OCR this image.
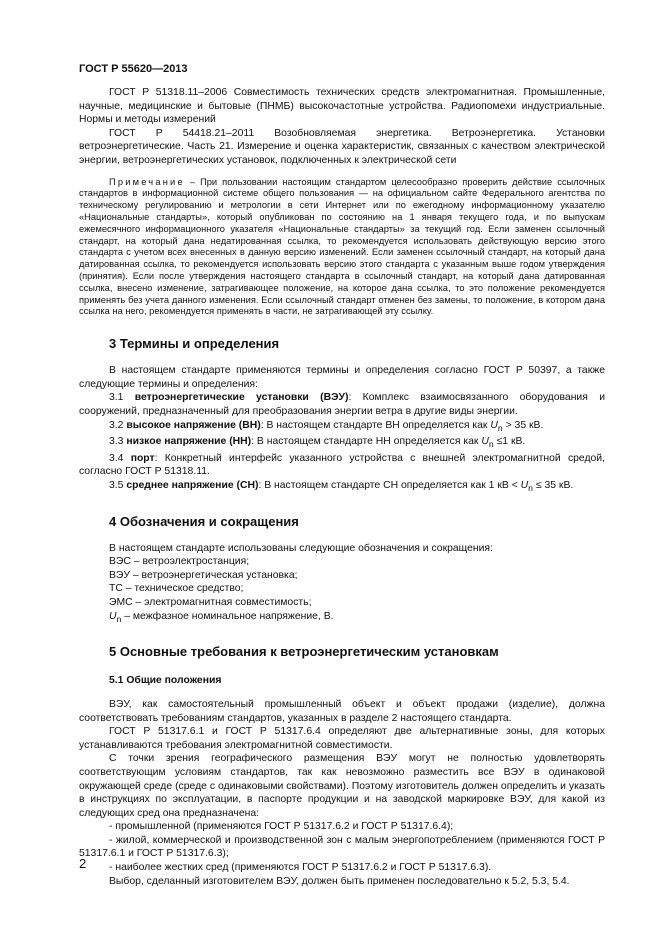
ГОСТ Р 55620—2013

ГОСТ Р 51318.11–2006 Совместимость технических средств электромагнитная. Промышленные, научные, медицинские и бытовые (ПНМБ) высокочастотные устройства. Радиопомехи индустриальные. Нормы и методы измерений

ГОСТ Р 54418.21–2011 Возобновляемая энергетика. Ветроэнергетика. Установки ветроэнергетические. Часть 21. Измерение и оценка характеристик, связанных с качеством электрической энергии, ветроэнергетических установок, подключенных к электрической сети

Примечание – При пользовании настоящим стандартом целесообразно проверить действие ссылочных стандартов в информационной системе общего пользования — на официальном сайте Федерального агентства по техническому регулированию и метрологии в сети Интернет или по ежегодному информационному указателю «Национальные стандарты», который опубликован по состоянию на 1 января текущего года, и по выпускам ежемесячного информационного указателя «Национальные стандарты» за текущий год. Если заменен ссылочный стандарт, на который дана недатированная ссылка, то рекомендуется использовать действующую версию этого стандарта с учетом всех внесенных в данную версию изменений. Если заменен ссылочный стандарт, на который дана датированная ссылка, то рекомендуется использовать версию этого стандарта с указанным выше годом утверждения (принятия). Если после утверждения настоящего стандарта в ссылочный стандарт, на который дана датированная ссылка, внесено изменение, затрагивающее положение, на которое дана ссылка, то это положение рекомендуется применять без учета данного изменения. Если ссылочный стандарт отменен без замены, то положение, в котором дана ссылка на него, рекомендуется применять в части, не затрагивающей эту ссылку.

3 Термины и определения

В настоящем стандарте применяются термины и определения согласно ГОСТ Р 50397, а также следующие термины и определения:

3.1 ветроэнергетические установки (ВЭУ): Комплекс взаимосвязанного оборудования и сооружений, предназначенный для преобразования энергии ветра в другие виды энергии.

3.2 высокое напряжение (ВН): В настоящем стандарте ВН определяется как $U_n > 35$ кВ.

3.3 низкое напряжение (НН): В настоящем стандарте НН определяется как $U_n \le 1$ кВ.

3.4 порт: Конкретный интерфейс указанного устройства с внешней электромагнитной средой, согласно ГОСТ Р 51318.11.

3.5 среднее напряжение (СН): В настоящем стандарте СН определяется как 1 кВ < $U_n \le 35$ кВ.

4 Обозначения и сокращения

В настоящем стандарте использованы следующие обозначения и сокращения:

ВЭС – ветроэлектростанция;

ВЭУ – ветроэнергетическая установка;

ТС – техническое средство;

ЭМС – электромагнитная совместимость;

$U_n$ – межфазное номинальное напряжение, В.

5 Основные требования к ветроэнергетическим установкам
5.1 Общие положения

ВЭУ, как самостоятельный промышленный объект и объект продажи (изделие), должна соответствовать требованиям стандартов, указанных в разделе 2 настоящего стандарта.

ГОСТ Р 51317.6.1 и ГОСТ Р 51317.6.4 определяют две альтернативные зоны, для которых устанавливаются требования электромагнитной совместимости.

С точки зрения географического размещения ВЭУ могут не полностью удовлетворять соответствующим условиям стандартов, так как невозможно разместить все ВЭУ в одинаковой окружающей среде (среде с одинаковыми свойствами). Поэтому изготовитель должен определить и указать в инструкциях по эксплуатации, в паспорте продукции и на заводской маркировке ВЭУ, для какой из следующих сред она предназначена:

- промышленной (применяются ГОСТ Р 51317.6.2 и ГОСТ Р 51317.6.4);

- жилой, коммерческой и производственной зон с малым энергопотреблением (применяются ГОСТ Р 51317.6.1 и ГОСТ Р 51317.6.3);

- наиболее жестких сред (применяются ГОСТ Р 51317.6.2 и ГОСТ Р 51317.6.3).

Выбор, сделанный изготовителем ВЭУ, должен быть применен последовательно к 5.2, 5.3, 5.4.

2
